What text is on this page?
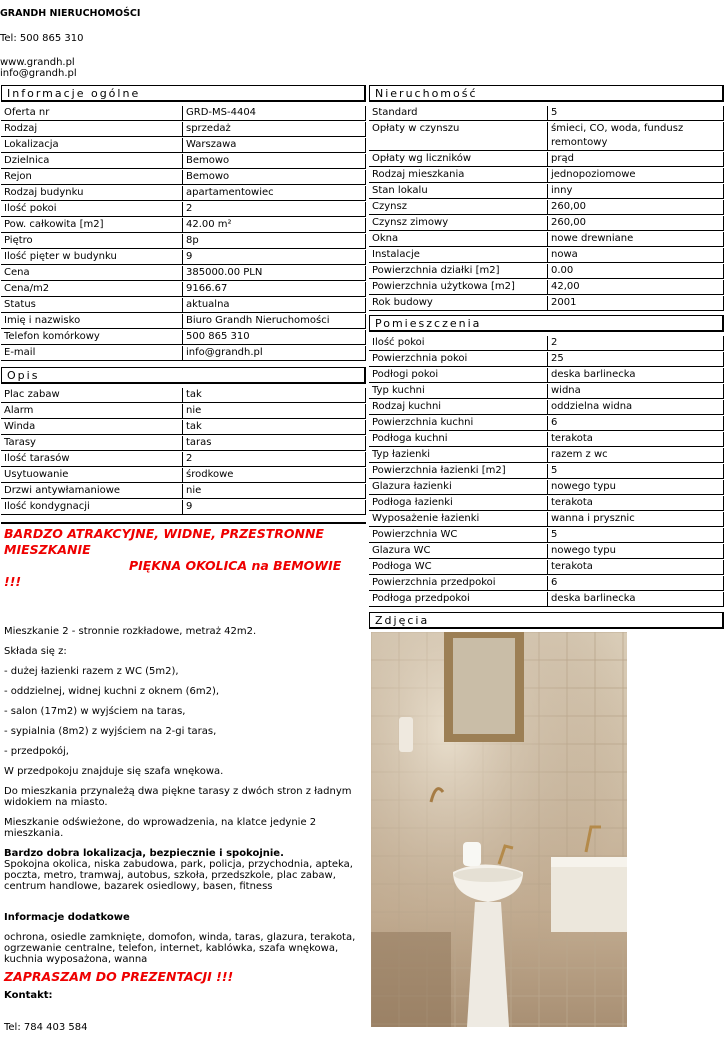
GRANDH NIERUCHOMOŚCI
Tel: 500 865 310
www.grandh.pl
info@grandh.pl
Informacje ogólne
Oferta nr	GRD-MS-4404
Rodzaj	sprzedaż
Lokalizacja	Warszawa
Dzielnica	Bemowo
Rejon	Bemowo
Rodzaj budynku	apartamentowiec
Ilość pokoi	2
Pow. całkowita [m2]	42.00 m²
Piętro	8p
Ilość pięter w budynku	9
Cena	385000.00 PLN
Cena/m2	9166.67
Status	aktualna
Imię i nazwisko	Biuro Grandh Nieruchomości
Telefon komórkowy	500 865 310
E-mail	info@grandh.pl
Opis
Plac zabaw	tak
Alarm	nie
Winda	tak
Tarasy	taras
Ilość tarasów	2
Usytuowanie	środkowe
Drzwi antywłamaniowe	nie
Ilość kondygnacji	9
BARDZO ATRAKCYJNE, WIDNE, PRZESTRONNE MIESZKANIE
PIĘKNA OKOLICA na BEMOWIE
!!!

Mieszkanie 2 - stronnie rozkładowe, metraż 42m2.

Składa się z:

- dużej łazienki razem z WC (5m2),

- oddzielnej, widnej kuchni z oknem (6m2),

- salon (17m2) w wyjściem na taras,

- sypialnia (8m2) z wyjściem na 2-gi taras,

- przedpokój,

W przedpokoju znajduje się szafa wnękowa.

Do mieszkania przynależą dwa piękne tarasy z dwóch stron z ładnym widokiem na miasto.

Mieszkanie odświeżone, do wprowadzenia, na klatce jedynie 2 mieszkania.

Bardzo dobra lokalizacja, bezpiecznie i spokojnie.
Spokojna okolica, niska zabudowa, park, policja, przychodnia, apteka, poczta, metro, tramwaj, autobus, szkoła, przedszkole, plac zabaw, centrum handlowe, bazarek osiedlowy, basen, fitness

Informacje dodatkowe

ochrona, osiedle zamknięte, domofon, winda, taras, glazura, terakota, ogrzewanie centralne, telefon, internet, kablówka, szafa wnękowa, kuchnia wyposażona, wanna

ZAPRASZAM DO PREZENTACJI !!!

Kontakt:

Tel: 784 403 584

Nieruchomość
Standard	5
Opłaty w czynszu	śmieci, CO, woda, fundusz remontowy
Opłaty wg liczników	prąd
Rodzaj mieszkania	jednopoziomowe
Stan lokalu	inny
Czynsz	260,00
Czynsz zimowy	260,00
Okna	nowe drewniane
Instalacje	nowa
Powierzchnia działki [m2]	0.00
Powierzchnia użytkowa [m2]	42,00
Rok budowy	2001
Pomieszczenia
Ilość pokoi	2
Powierzchnia pokoi	25
Podłogi pokoi	deska barlinecka
Typ kuchni	widna
Rodzaj kuchni	oddzielna widna
Powierzchnia kuchni	6
Podłoga kuchni	terakota
Typ łazienki	razem z wc
Powierzchnia łazienki [m2]	5
Glazura łazienki	nowego typu
Podłoga łazienki	terakota
Wyposażenie łazienki	wanna i prysznic
Powierzchnia WC	5
Glazura WC	nowego typu
Podłoga WC	terakota
Powierzchnia przedpokoi	6
Podłoga przedpokoi	deska barlinecka
Zdjęcia
